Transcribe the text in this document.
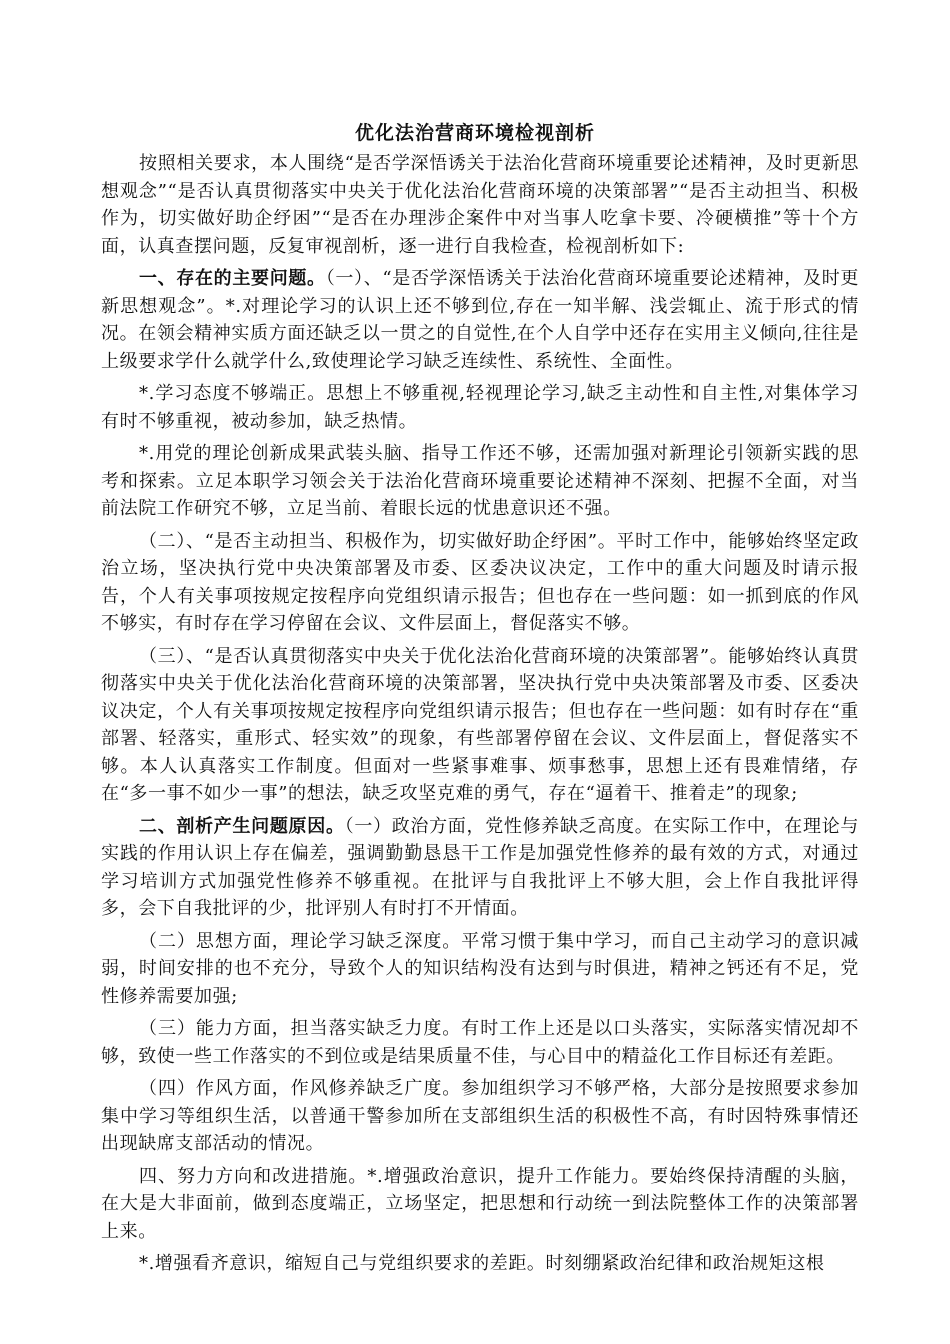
优化法治营商环境检视剖析

按照相关要求，本人围绕“是否学深悟诱关于法治化营商环境重要论述精神，及时更新思想观念”“是否认真贯彻落实中央关于优化法治化营商环境的决策部署”“是否主动担当、积极作为，切实做好助企纾困”“是否在办理涉企案件中对当事人吃拿卡要、冷硬横推”等十个方面，认真查摆问题，反复审视剖析，逐一进行自我检查，检视剖析如下:

一、存在的主要问题。（一）、“是否学深悟诱关于法治化营商环境重要论述精神，及时更新思想观念”。*.对理论学习的认识上还不够到位,存在一知半解、浅尝辄止、流于形式的情况。在领会精神实质方面还缺乏以一贯之的自觉性,在个人自学中还存在实用主义倾向,往往是上级要求学什么就学什么,致使理论学习缺乏连续性、系统性、全面性。

*.学习态度不够端正。思想上不够重视,轻视理论学习,缺乏主动性和自主性,对集体学习有时不够重视，被动参加，缺乏热情。

*.用党的理论创新成果武装头脑、指导工作还不够，还需加强对新理论引领新实践的思考和探索。立足本职学习领会关于法治化营商环境重要论述精神不深刻、把握不全面，对当前法院工作研究不够，立足当前、着眼长远的忧患意识还不强。

（二）、“是否主动担当、积极作为，切实做好助企纾困”。平时工作中，能够始终坚定政治立场，坚决执行党中央决策部署及市委、区委决议决定，工作中的重大问题及时请示报告，个人有关事项按规定按程序向党组织请示报告；但也存在一些问题：如一抓到底的作风不够实，有时存在学习停留在会议、文件层面上，督促落实不够。

（三）、“是否认真贯彻落实中央关于优化法治化营商环境的决策部署”。能够始终认真贯彻落实中央关于优化法治化营商环境的决策部署，坚决执行党中央决策部署及市委、区委决议决定，个人有关事项按规定按程序向党组织请示报告；但也存在一些问题：如有时存在“重部署、轻落实，重形式、轻实效”的现象，有些部署停留在会议、文件层面上，督促落实不够。本人认真落实工作制度。但面对一些紧事难事、烦事愁事，思想上还有畏难情绪，存在“多一事不如少一事”的想法，缺乏攻坚克难的勇气，存在“逼着干、推着走”的现象;

二、剖析产生问题原因。（一）政治方面，党性修养缺乏高度。在实际工作中，在理论与实践的作用认识上存在偏差，强调勤勤恳恳干工作是加强党性修养的最有效的方式，对通过学习培训方式加强党性修养不够重视。在批评与自我批评上不够大胆，会上作自我批评得多，会下自我批评的少，批评别人有时打不开情面。

（二）思想方面，理论学习缺乏深度。平常习惯于集中学习，而自己主动学习的意识减弱，时间安排的也不充分，导致个人的知识结构没有达到与时俱进，精神之钙还有不足，党性修养需要加强;

（三）能力方面，担当落实缺乏力度。有时工作上还是以口头落实，实际落实情况却不够，致使一些工作落实的不到位或是结果质量不佳，与心目中的精益化工作目标还有差距。

（四）作风方面，作风修养缺乏广度。参加组织学习不够严格，大部分是按照要求参加集中学习等组织生活，以普通干警参加所在支部组织生活的积极性不高，有时因特殊事情还出现缺席支部活动的情况。

四、努力方向和改进措施。*.增强政治意识，提升工作能力。要始终保持清醒的头脑，在大是大非面前，做到态度端正，立场坚定，把思想和行动统一到法院整体工作的决策部署上来。

*.增强看齐意识，缩短自己与党组织要求的差距。时刻绷紧政治纪律和政治规矩这根
